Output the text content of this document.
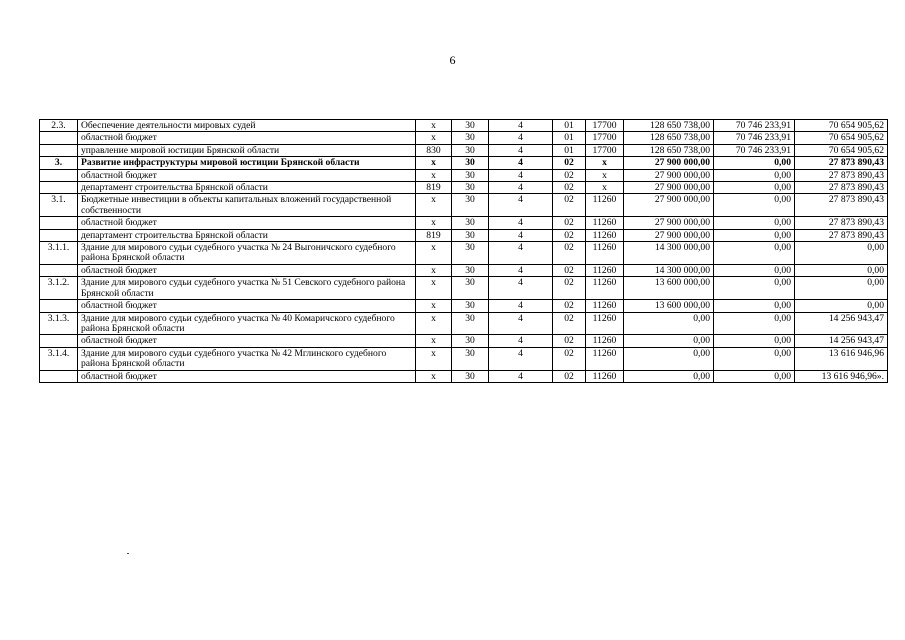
6
2.3.	Обеспечение деятельности мировых судей	x	30	4	01	17700	128 650 738,00	70 746 233,91	70 654 905,62
	областной бюджет	x	30	4	01	17700	128 650 738,00	70 746 233,91	70 654 905,62
	управление мировой юстиции Брянской области	830	30	4	01	17700	128 650 738,00	70 746 233,91	70 654 905,62
3.	Развитие инфраструктуры мировой юстиции Брянской области	x	30	4	02	x	27 900 000,00	0,00	27 873 890,43
	областной бюджет	x	30	4	02	x	27 900 000,00	0,00	27 873 890,43
	департамент строительства Брянской области	819	30	4	02	x	27 900 000,00	0,00	27 873 890,43
3.1.	Бюджетные инвестиции в объекты капитальных вложений государственной собственности	x	30	4	02	11260	27 900 000,00	0,00	27 873 890,43
	областной бюджет	x	30	4	02	11260	27 900 000,00	0,00	27 873 890,43
	департамент строительства Брянской области	819	30	4	02	11260	27 900 000,00	0,00	27 873 890,43
3.1.1.	Здание для мирового судьи судебного участка № 24 Выгоничского судебного района Брянской области	x	30	4	02	11260	14 300 000,00	0,00	0,00
	областной бюджет	x	30	4	02	11260	14 300 000,00	0,00	0,00
3.1.2.	Здание для мирового судьи судебного участка № 51 Севского судебного района Брянской области	x	30	4	02	11260	13 600 000,00	0,00	0,00
	областной бюджет	x	30	4	02	11260	13 600 000,00	0,00	0,00
3.1.3.	Здание для мирового судьи судебного участка № 40 Комаричского судебного района Брянской области	x	30	4	02	11260	0,00	0,00	14 256 943,47
	областной бюджет	x	30	4	02	11260	0,00	0,00	14 256 943,47
3.1.4.	Здание для мирового судьи судебного участка № 42 Мглинского судебного района Брянской области	x	30	4	02	11260	0,00	0,00	13 616 946,96
	областной бюджет	x	30	4	02	11260	0,00	0,00	13 616 946,96».
